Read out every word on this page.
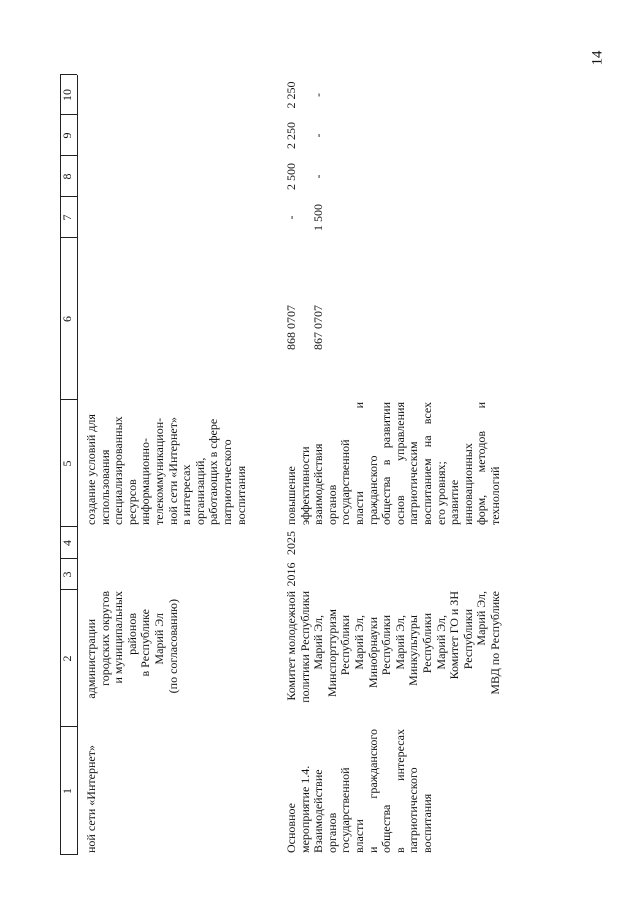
14
1
2
3
4
5
6
7
8
9
10
ной сети «Интернет»
администрации городских округов и муниципальных районов в Республике Марий Эл (по согласованию)
создание условий для использования специализированных ресурсов информационно- телекоммуникацион- ной сети «Интернет» в интересах организаций, работающих в сфере патриотического воспитания
Основное мероприятие 1.4. Взаимодействие органов государственной власти и гражданского общества в интересах патриотического воспитания
Комитет молодежной политики Республики Марий Эл, Минспорттуризм Республики Марий Эл, Минобрнауки Республики Марий Эл, Минкультуры Республики Марий Эл, Комитет ГО и ЗН Республики Марий Эл, МВД по Республике
2016
2025
повышение эффективности взаимодействия органов государственной власти и гражданского общества в развитии основ управления патриотическим воспитанием на всех его уровнях; развитие инновационных форм, методов и технологий
868 0707
-
2 500
2 250
2 250
867 0707
1 500
-
-
-
